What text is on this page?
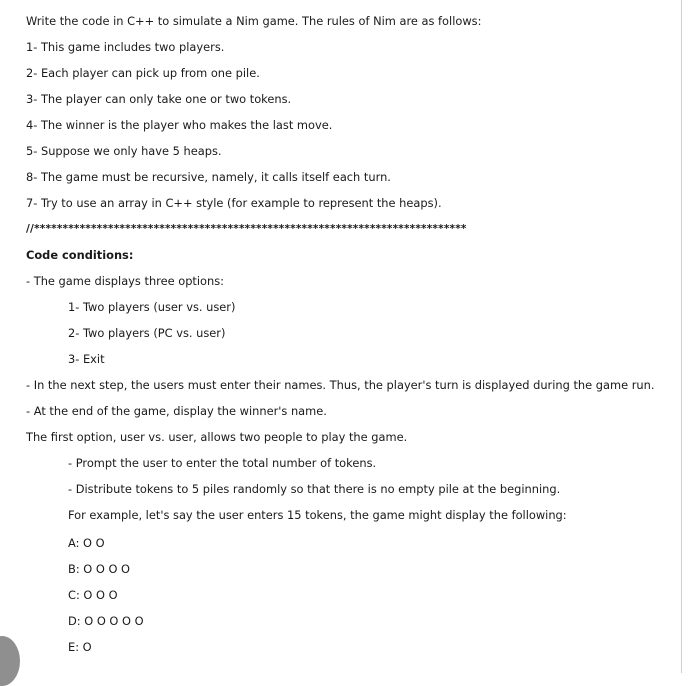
Write the code in C++ to simulate a Nim game. The rules of Nim are as follows:
1- This game includes two players.
2- Each player can pick up from one pile.
3- The player can only take one or two tokens.
4- The winner is the player who makes the last move.
5- Suppose we only have 5 heaps.
8- The game must be recursive, namely, it calls itself each turn.
7- Try to use an array in C++ style (for example to represent the heaps).
//****************************************************************************
Code conditions:
- The game displays three options:
1- Two players (user vs. user)
2- Two players (PC vs. user)
3- Exit
- In the next step, the users must enter their names. Thus, the player's turn is displayed during the game run.
- At the end of the game, display the winner's name.
The first option, user vs. user, allows two people to play the game.
- Prompt the user to enter the total number of tokens.
- Distribute tokens to 5 piles randomly so that there is no empty pile at the beginning.
For example, let's say the user enters 15 tokens, the game might display the following:
A: O O
B: O O O O
C: O O O
D: O O O O O
E: O
